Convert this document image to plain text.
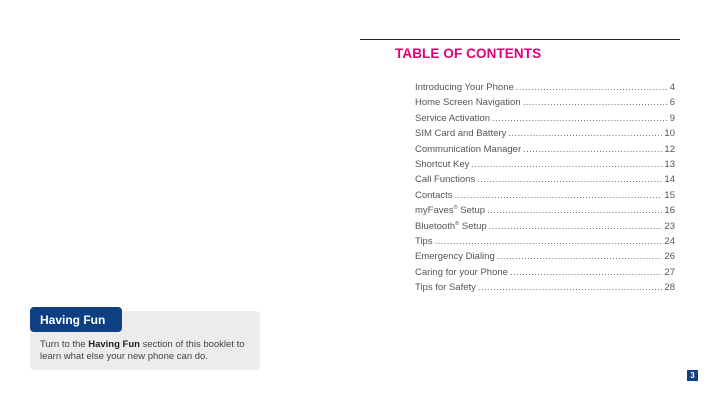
TABLE OF CONTENTS
Introducing Your Phone .....	4
Home Screen Navigation .....	6
Service Activation .....	9
SIM Card and Battery .....	10
Communication Manager .....	12
Shortcut Key .....	13
Call Functions .....	14
Contacts .....	15
myFaves® Setup .....	16
Bluetooth® Setup .....	23
Tips .....	24
Emergency Dialing .....	26
Caring for your Phone .....	27
Tips for Safety .....	28
Having Fun
Turn to the Having Fun section of this booklet to learn what else your new phone can do.
3
